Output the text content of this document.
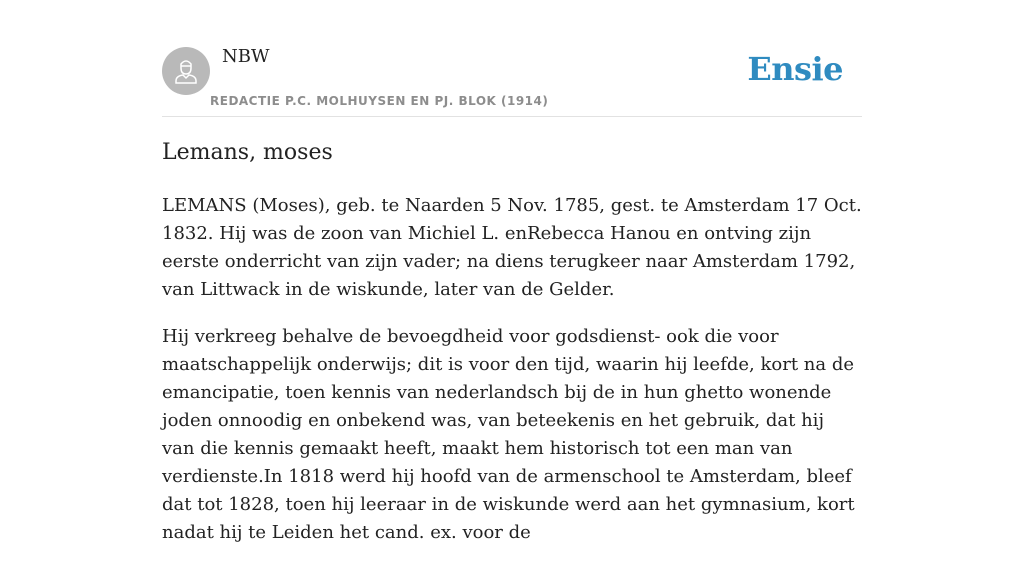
NBW
REDACTIE P.C. MOLHUYSEN EN PJ. BLOK (1914)
Ensie
Lemans, moses

LEMANS (Moses), geb. te Naarden 5 Nov. 1785, gest. te Amsterdam 17 Oct. 1832. Hij was de zoon van Michiel L. enRebecca Hanou en ontving zijn eerste onderricht van zijn vader; na diens terugkeer naar Amsterdam 1792, van Littwack in de wiskunde, later van de Gelder.

Hij verkreeg behalve de bevoegdheid voor godsdienst- ook die voor maatschappelijk onderwijs; dit is voor den tijd, waarin hij leefde, kort na de emancipatie, toen kennis van nederlandsch bij de in hun ghetto wonende joden onnoodig en onbekend was, van beteekenis en het gebruik, dat hij van die kennis gemaakt heeft, maakt hem historisch tot een man van verdienste.In 1818 werd hij hoofd van de armenschool te Amsterdam, bleef dat tot 1828, toen hij leeraar in de wiskunde werd aan het gymnasium, kort nadat hij te Leiden het cand. ex. voor de
